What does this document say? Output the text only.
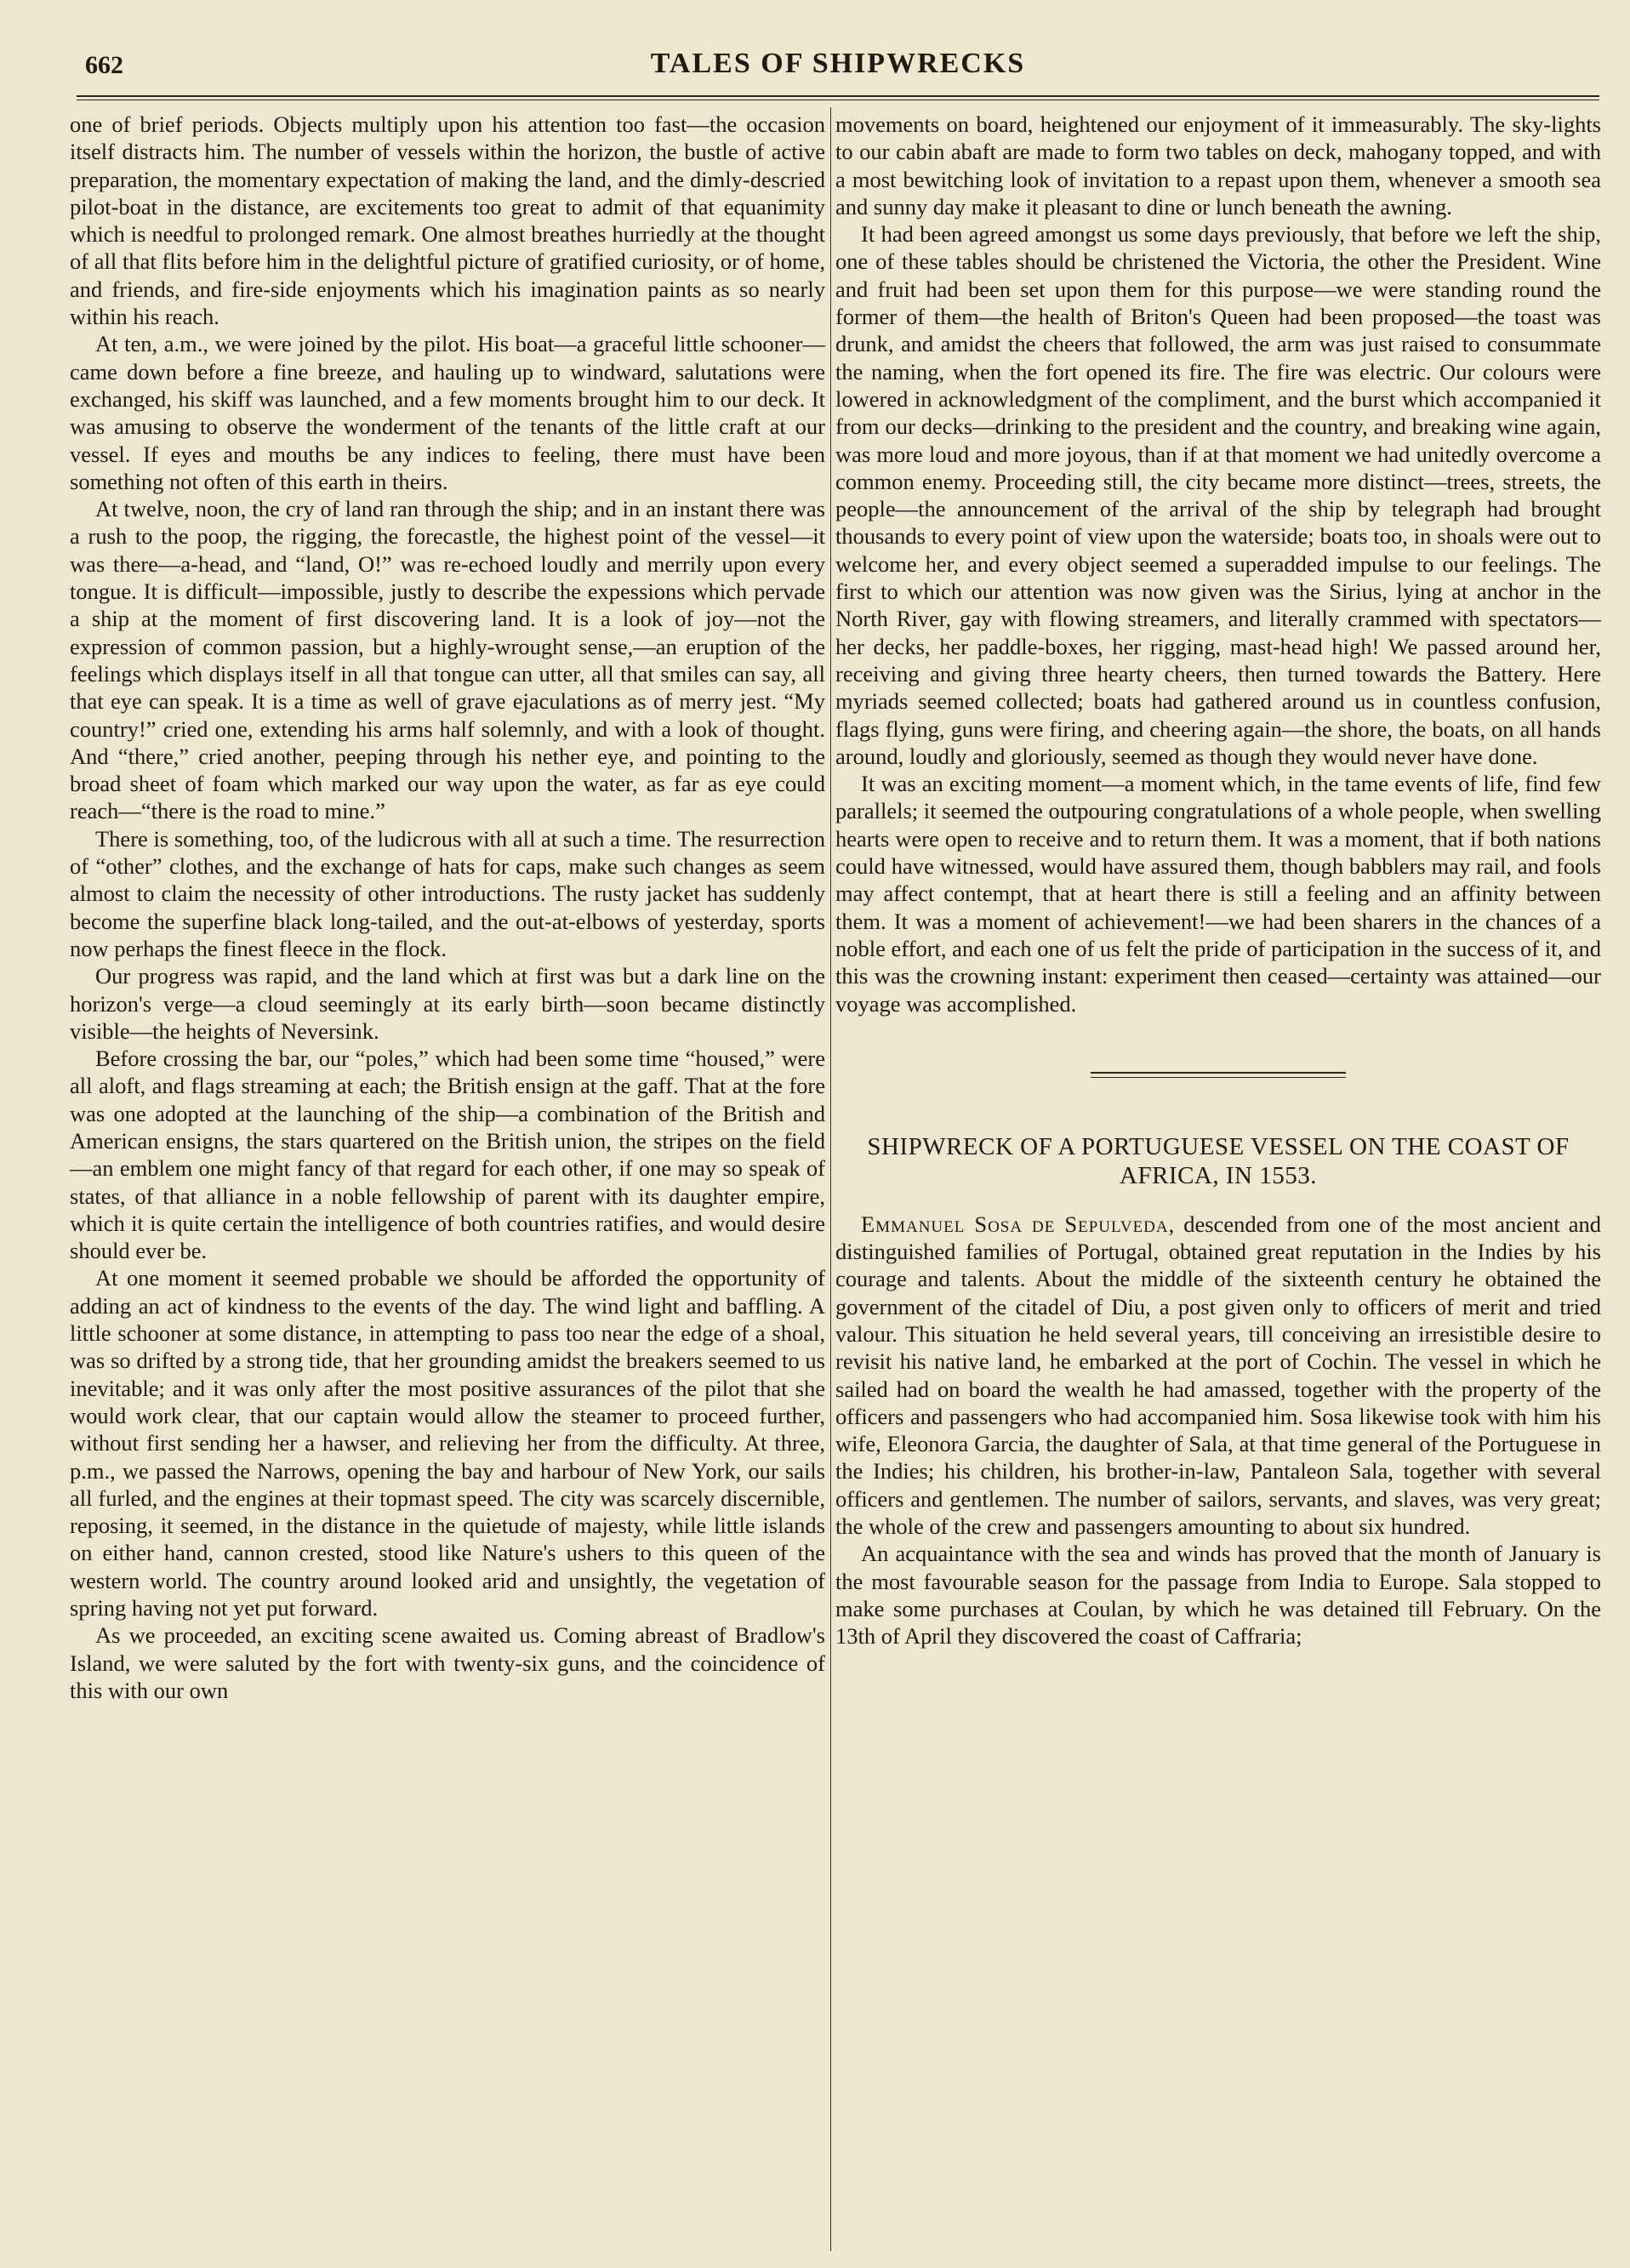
662	TALES OF SHIPWRECKS

one of brief periods. Objects multiply upon his attention too fast—the occasion itself distracts him. The number of vessels within the horizon, the bustle of active preparation, the momentary expectation of making the land, and the dimly-descried pilot-boat in the distance, are excitements too great to admit of that equanimity which is needful to prolonged remark. One almost breathes hurriedly at the thought of all that flits before him in the delightful picture of gratified curiosity, or of home, and friends, and fire-side enjoyments which his imagination paints as so nearly within his reach.

At ten, a.m., we were joined by the pilot. His boat—a graceful little schooner—came down before a fine breeze, and hauling up to windward, salutations were exchanged, his skiff was launched, and a few moments brought him to our deck. It was amusing to observe the wonderment of the tenants of the little craft at our vessel. If eyes and mouths be any indices to feeling, there must have been something not often of this earth in theirs.

At twelve, noon, the cry of land ran through the ship; and in an instant there was a rush to the poop, the rigging, the forecastle, the highest point of the vessel—it was there—a-head, and “land, O!” was re-echoed loudly and merrily upon every tongue. It is difficult—impossible, justly to describe the expessions which pervade a ship at the moment of first discovering land. It is a look of joy—not the expression of common passion, but a highly-wrought sense,—an eruption of the feelings which displays itself in all that tongue can utter, all that smiles can say, all that eye can speak. It is a time as well of grave ejaculations as of merry jest. “My country!” cried one, extending his arms half solemnly, and with a look of thought. And “there,” cried another, peeping through his nether eye, and pointing to the broad sheet of foam which marked our way upon the water, as far as eye could reach—“there is the road to mine.”

There is something, too, of the ludicrous with all at such a time. The resurrection of “other” clothes, and the exchange of hats for caps, make such changes as seem almost to claim the necessity of other introductions. The rusty jacket has suddenly become the superfine black long-tailed, and the out-at-elbows of yesterday, sports now perhaps the finest fleece in the flock.

Our progress was rapid, and the land which at first was but a dark line on the horizon's verge—a cloud seemingly at its early birth—soon became distinctly visible—the heights of Neversink.

Before crossing the bar, our “poles,” which had been some time “housed,” were all aloft, and flags streaming at each; the British ensign at the gaff. That at the fore was one adopted at the launching of the ship—a combination of the British and American ensigns, the stars quartered on the British union, the stripes on the field—an emblem one might fancy of that regard for each other, if one may so speak of states, of that alliance in a noble fellowship of parent with its daughter empire, which it is quite certain the intelligence of both countries ratifies, and would desire should ever be.

At one moment it seemed probable we should be afforded the opportunity of adding an act of kindness to the events of the day. The wind light and baffling. A little schooner at some distance, in attempting to pass too near the edge of a shoal, was so drifted by a strong tide, that her grounding amidst the breakers seemed to us inevitable; and it was only after the most positive assurances of the pilot that she would work clear, that our captain would allow the steamer to proceed further, without first sending her a hawser, and relieving her from the difficulty. At three, p.m., we passed the Narrows, opening the bay and harbour of New York, our sails all furled, and the engines at their topmast speed. The city was scarcely discernible, reposing, it seemed, in the distance in the quietude of majesty, while little islands on either hand, cannon crested, stood like Nature's ushers to this queen of the western world. The country around looked arid and unsightly, the vegetation of spring having not yet put forward.

As we proceeded, an exciting scene awaited us. Coming abreast of Bradlow's Island, we were saluted by the fort with twenty-six guns, and the coincidence of this with our own

movements on board, heightened our enjoyment of it immeasurably. The sky-lights to our cabin abaft are made to form two tables on deck, mahogany topped, and with a most bewitching look of invitation to a repast upon them, whenever a smooth sea and sunny day make it pleasant to dine or lunch beneath the awning.

It had been agreed amongst us some days previously, that before we left the ship, one of these tables should be christened the Victoria, the other the President. Wine and fruit had been set upon them for this purpose—we were standing round the former of them—the health of Briton's Queen had been proposed—the toast was drunk, and amidst the cheers that followed, the arm was just raised to consummate the naming, when the fort opened its fire. The fire was electric. Our colours were lowered in acknowledgment of the compliment, and the burst which accompanied it from our decks—drinking to the president and the country, and breaking wine again, was more loud and more joyous, than if at that moment we had unitedly overcome a common enemy. Proceeding still, the city became more distinct—trees, streets, the people—the announcement of the arrival of the ship by telegraph had brought thousands to every point of view upon the waterside; boats too, in shoals were out to welcome her, and every object seemed a superadded impulse to our feelings. The first to which our attention was now given was the Sirius, lying at anchor in the North River, gay with flowing streamers, and literally crammed with spectators—her decks, her paddle-boxes, her rigging, mast-head high! We passed around her, receiving and giving three hearty cheers, then turned towards the Battery. Here myriads seemed collected; boats had gathered around us in countless confusion, flags flying, guns were firing, and cheering again—the shore, the boats, on all hands around, loudly and gloriously, seemed as though they would never have done.

It was an exciting moment—a moment which, in the tame events of life, find few parallels; it seemed the outpouring congratulations of a whole people, when swelling hearts were open to receive and to return them. It was a moment, that if both nations could have witnessed, would have assured them, though babblers may rail, and fools may affect contempt, that at heart there is still a feeling and an affinity between them. It was a moment of achievement!—we had been sharers in the chances of a noble effort, and each one of us felt the pride of participation in the success of it, and this was the crowning instant: experiment then ceased—certainty was attained—our voyage was accomplished.

SHIPWRECK OF A PORTUGUESE VESSEL ON THE COAST OF AFRICA, IN 1553.

Emmanuel Sosa de Sepulveda, descended from one of the most ancient and distinguished families of Portugal, obtained great reputation in the Indies by his courage and talents. About the middle of the sixteenth century he obtained the government of the citadel of Diu, a post given only to officers of merit and tried valour. This situation he held several years, till conceiving an irresistible desire to revisit his native land, he embarked at the port of Cochin. The vessel in which he sailed had on board the wealth he had amassed, together with the property of the officers and passengers who had accompanied him. Sosa likewise took with him his wife, Eleonora Garcia, the daughter of Sala, at that time general of the Portuguese in the Indies; his children, his brother-in-law, Pantaleon Sala, together with several officers and gentlemen. The number of sailors, servants, and slaves, was very great; the whole of the crew and passengers amounting to about six hundred.

An acquaintance with the sea and winds has proved that the month of January is the most favourable season for the passage from India to Europe. Sala stopped to make some purchases at Coulan, by which he was detained till February. On the 13th of April they discovered the coast of Caffraria;
